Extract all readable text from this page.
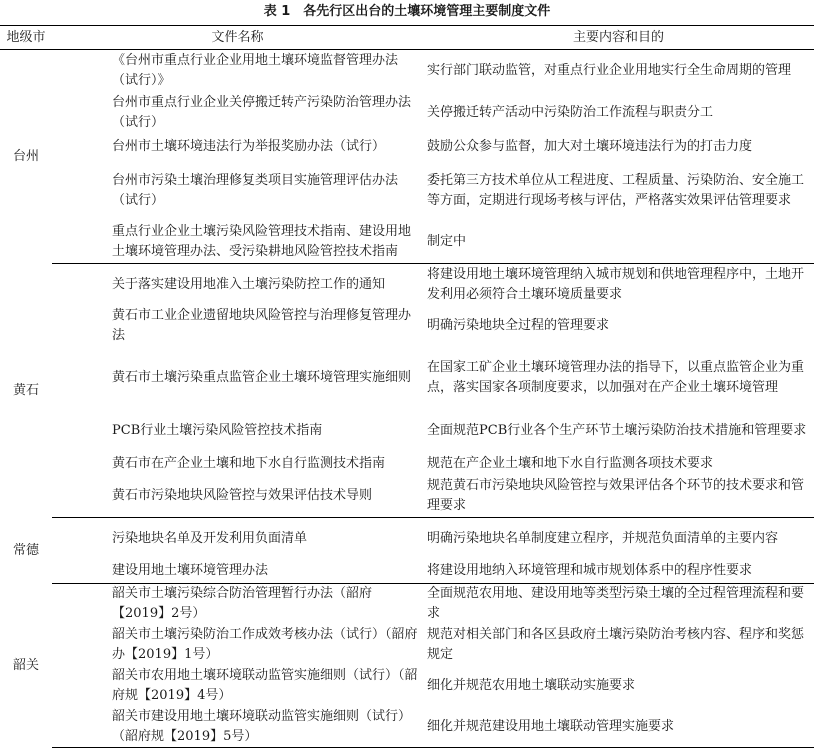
表 1　各先行区出台的土壤环境管理主要制度文件
地级市	文件名称	主要内容和目的
台州	《台州市重点行业企业用地土壤环境监督管理办法（试行）》	实行部门联动监管，对重点行业企业用地实行全生命周期的管理
	台州市重点行业企业关停搬迁转产污染防治管理办法（试行）	关停搬迁转产活动中污染防治工作流程与职责分工
	台州市土壤环境违法行为举报奖励办法（试行）	鼓励公众参与监督，加大对土壤环境违法行为的打击力度
	台州市污染土壤治理修复类项目实施管理评估办法（试行）	委托第三方技术单位从工程进度、工程质量、污染防治、安全施工等方面，定期进行现场考核与评估，严格落实效果评估管理要求
	重点行业企业土壤污染风险管理技术指南、建设用地土壤环境管理办法、受污染耕地风险管控技术指南	制定中
黄石	关于落实建设用地准入土壤污染防控工作的通知	将建设用地土壤环境管理纳入城市规划和供地管理程序中，土地开发利用必须符合土壤环境质量要求
	黄石市工业企业遗留地块风险管控与治理修复管理办法	明确污染地块全过程的管理要求
	黄石市土壤污染重点监管企业土壤环境管理实施细则	在国家工矿企业土壤环境管理办法的指导下，以重点监管企业为重点，落实国家各项制度要求，以加强对在产企业土壤环境管理
	PCB行业土壤污染风险管控技术指南	全面规范PCB行业各个生产环节土壤污染防治技术措施和管理要求
	黄石市在产企业土壤和地下水自行监测技术指南	规范在产企业土壤和地下水自行监测各项技术要求
	黄石市污染地块风险管控与效果评估技术导则	规范黄石市污染地块风险管控与效果评估各个环节的技术要求和管理要求
常德	污染地块名单及开发利用负面清单	明确污染地块名单制度建立程序，并规范负面清单的主要内容
	建设用地土壤环境管理办法	将建设用地纳入环境管理和城市规划体系中的程序性要求
韶关	韶关市土壤污染综合防治管理暂行办法（韶府【2019】2号）	全面规范农用地、建设用地等类型污染土壤的全过程管理流程和要求
	韶关市土壤污染防治工作成效考核办法（试行）（韶府办【2019】1号）	规范对相关部门和各区县政府土壤污染防治考核内容、程序和奖惩规定
	韶关市农用地土壤环境联动监管实施细则（试行）（韶府规【2019】4号）	细化并规范农用地土壤联动实施要求
	韶关市建设用地土壤环境联动监管实施细则（试行）（韶府规【2019】5号）	细化并规范建设用地土壤联动管理实施要求
